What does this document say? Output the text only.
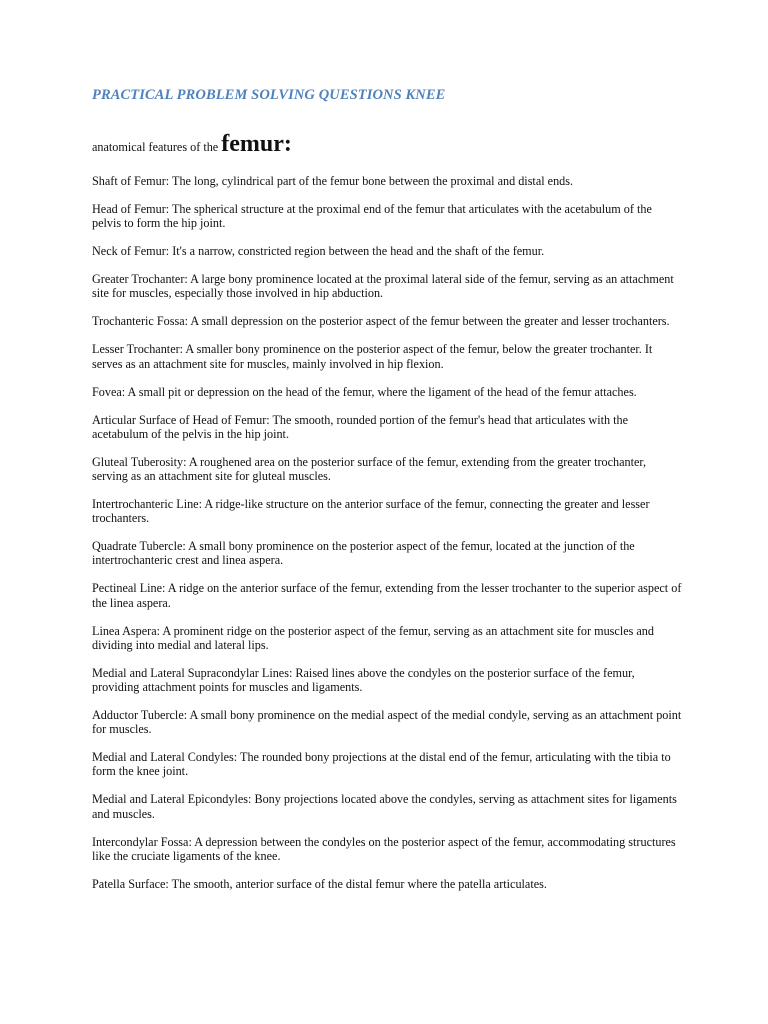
PRACTICAL PROBLEM SOLVING QUESTIONS KNEE

anatomical features of the femur:

Shaft of Femur: The long, cylindrical part of the femur bone between the proximal and distal ends.
Head of Femur: The spherical structure at the proximal end of the femur that articulates with the acetabulum of the pelvis to form the hip joint.
Neck of Femur: It's a narrow, constricted region between the head and the shaft of the femur.
Greater Trochanter: A large bony prominence located at the proximal lateral side of the femur, serving as an attachment site for muscles, especially those involved in hip abduction.
Trochanteric Fossa: A small depression on the posterior aspect of the femur between the greater and lesser trochanters.
Lesser Trochanter: A smaller bony prominence on the posterior aspect of the femur, below the greater trochanter. It serves as an attachment site for muscles, mainly involved in hip flexion.
Fovea: A small pit or depression on the head of the femur, where the ligament of the head of the femur attaches.
Articular Surface of Head of Femur: The smooth, rounded portion of the femur's head that articulates with the acetabulum of the pelvis in the hip joint.
Gluteal Tuberosity: A roughened area on the posterior surface of the femur, extending from the greater trochanter, serving as an attachment site for gluteal muscles.
Intertrochanteric Line: A ridge-like structure on the anterior surface of the femur, connecting the greater and lesser trochanters.
Quadrate Tubercle: A small bony prominence on the posterior aspect of the femur, located at the junction of the intertrochanteric crest and linea aspera.
Pectineal Line: A ridge on the anterior surface of the femur, extending from the lesser trochanter to the superior aspect of the linea aspera.
Linea Aspera: A prominent ridge on the posterior aspect of the femur, serving as an attachment site for muscles and dividing into medial and lateral lips.
Medial and Lateral Supracondylar Lines: Raised lines above the condyles on the posterior surface of the femur, providing attachment points for muscles and ligaments.
Adductor Tubercle: A small bony prominence on the medial aspect of the medial condyle, serving as an attachment point for muscles.
Medial and Lateral Condyles: The rounded bony projections at the distal end of the femur, articulating with the tibia to form the knee joint.
Medial and Lateral Epicondyles: Bony projections located above the condyles, serving as attachment sites for ligaments and muscles.
Intercondylar Fossa: A depression between the condyles on the posterior aspect of the femur, accommodating structures like the cruciate ligaments of the knee.
Patella Surface: The smooth, anterior surface of the distal femur where the patella articulates.
